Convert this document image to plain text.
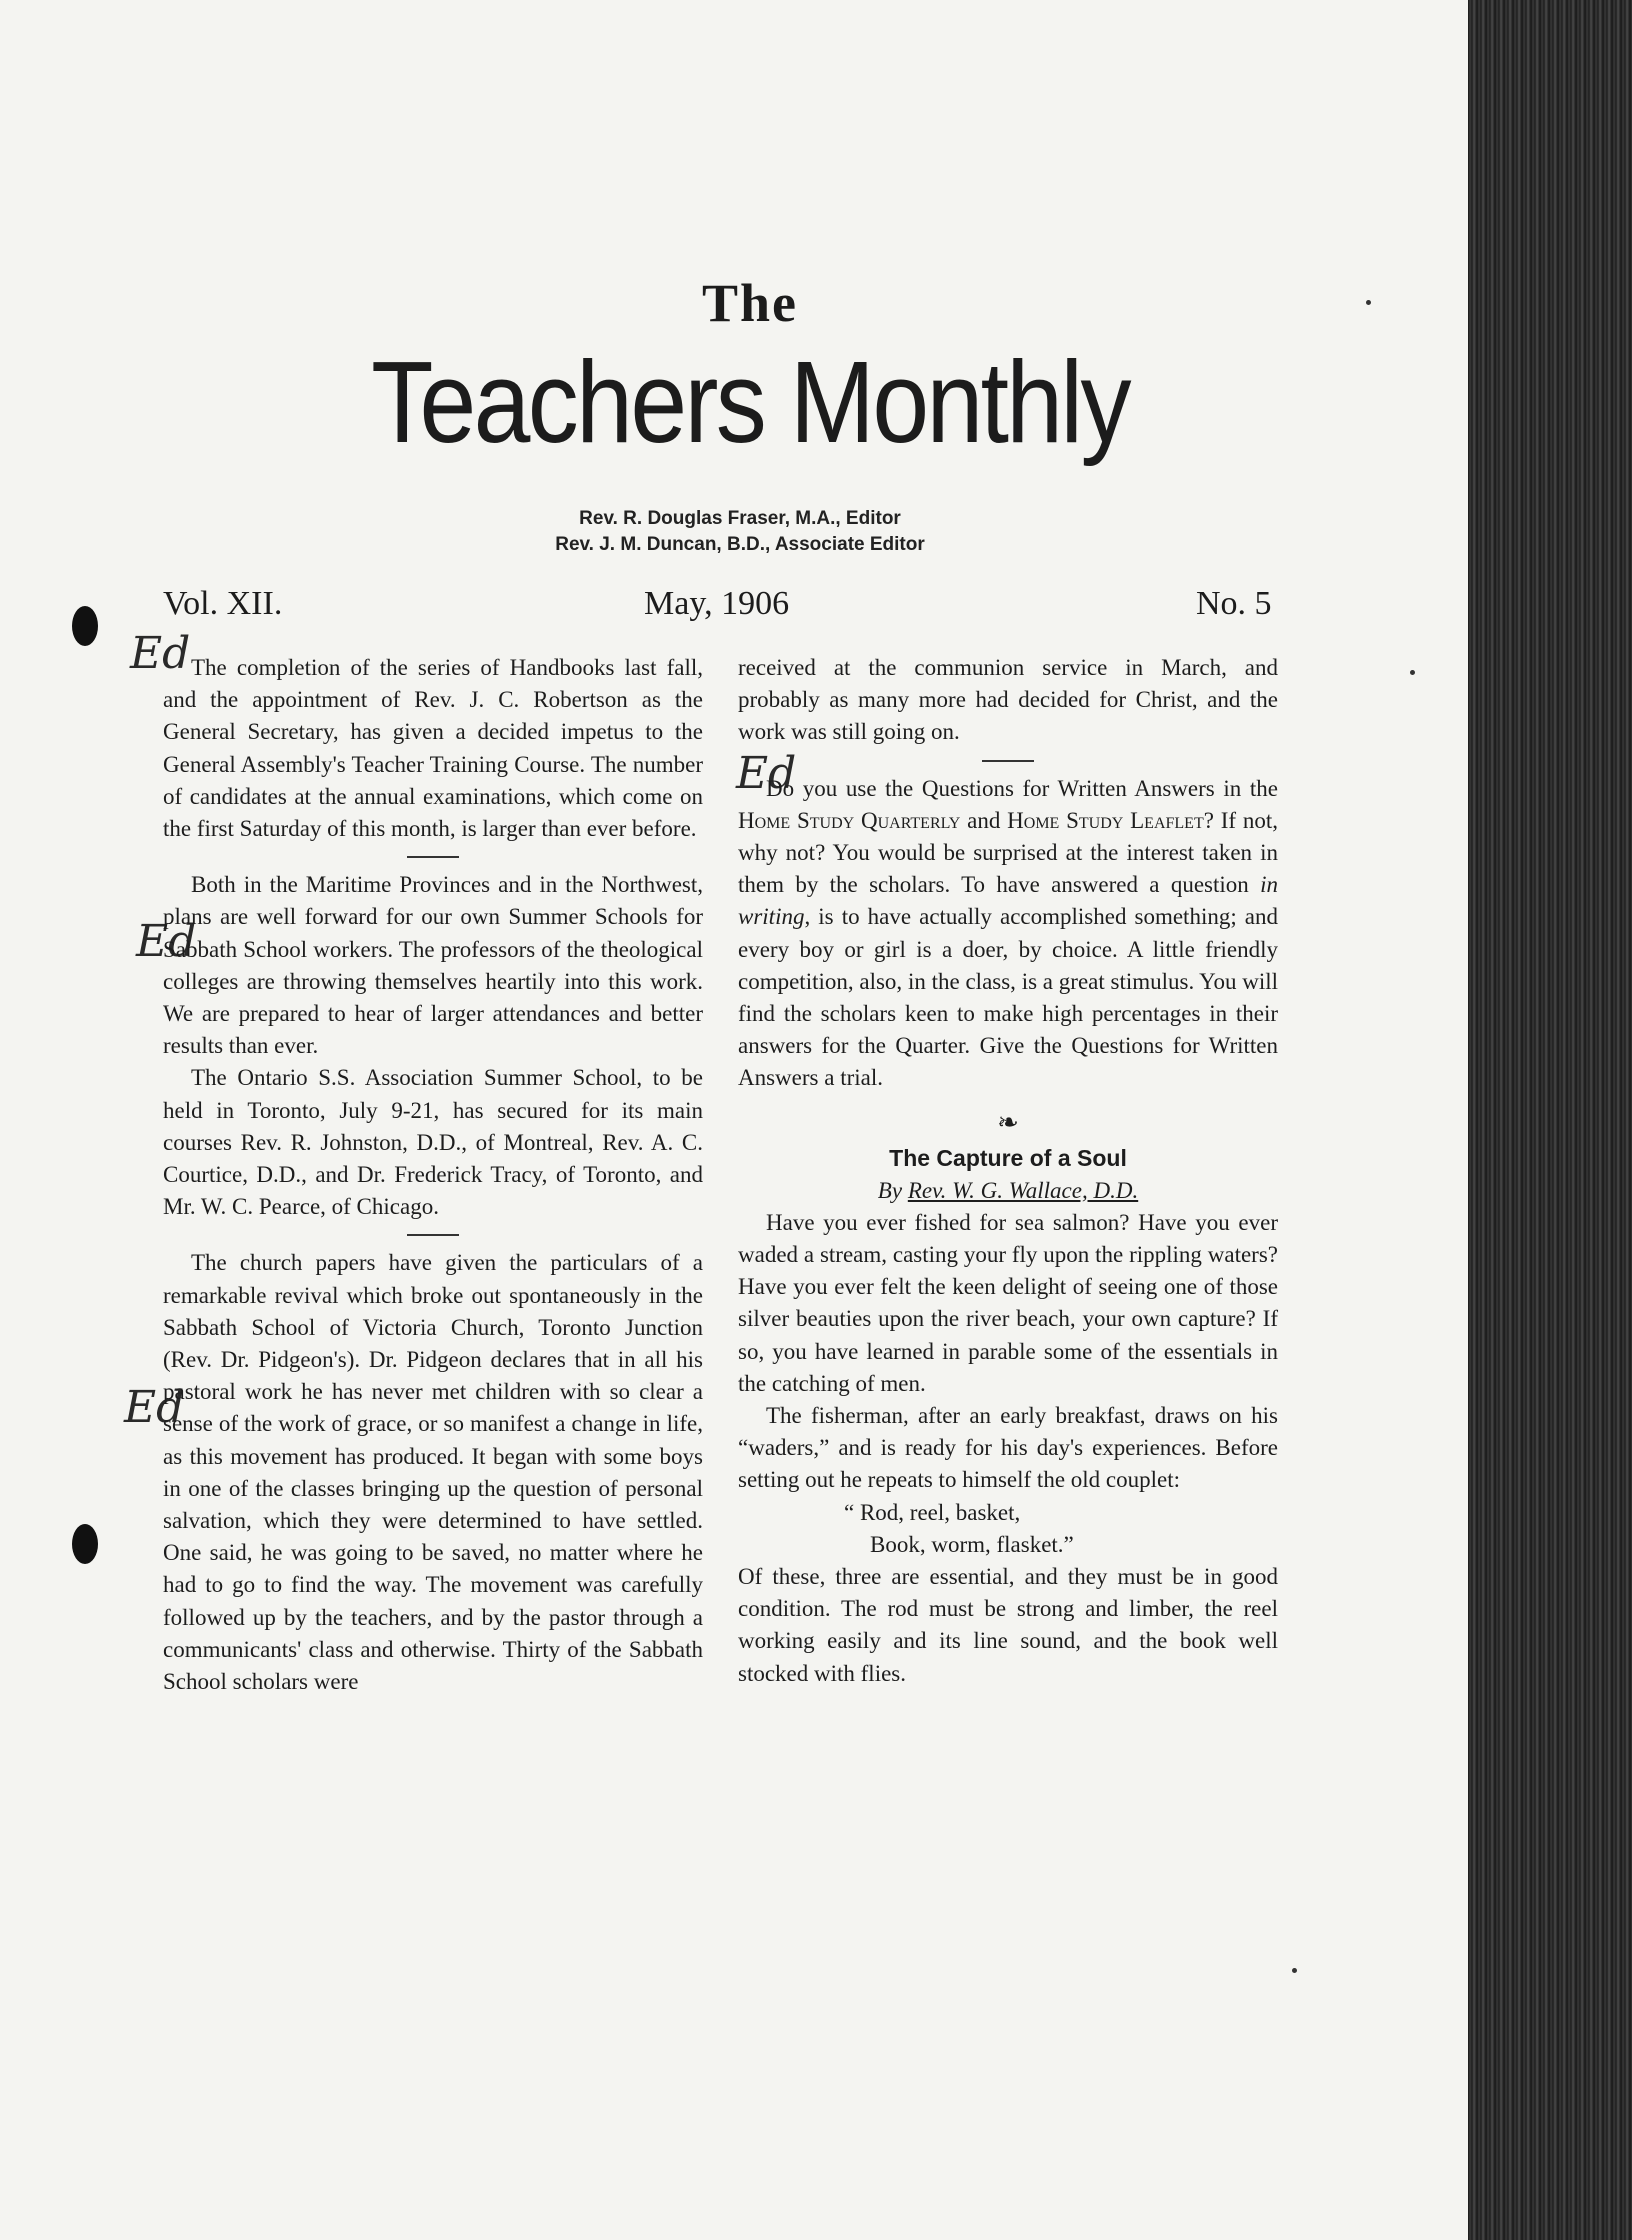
The
Teachers Monthly
Rev. R. Douglas Fraser, M.A., Editor
Rev. J. M. Duncan, B.D., Associate Editor
Vol. XII.	May, 1906	No. 5
Ed
Ed
Ed
Ed

The completion of the series of Handbooks last fall, and the appointment of Rev. J. C. Robertson as the General Secretary, has given a decided impetus to the General Assembly's Teacher Training Course. The number of candidates at the annual examinations, which come on the first Saturday of this month, is larger than ever before.

Both in the Maritime Provinces and in the Northwest, plans are well forward for our own Summer Schools for Sabbath School workers. The professors of the theological colleges are throwing themselves heartily into this work. We are prepared to hear of larger attendances and better results than ever.

The Ontario S.S. Association Summer School, to be held in Toronto, July 9-21, has secured for its main courses Rev. R. Johnston, D.D., of Montreal, Rev. A. C. Courtice, D.D., and Dr. Frederick Tracy, of Toronto, and Mr. W. C. Pearce, of Chicago.

The church papers have given the particulars of a remarkable revival which broke out spontaneously in the Sabbath School of Victoria Church, Toronto Junction (Rev. Dr. Pidgeon's). Dr. Pidgeon declares that in all his pastoral work he has never met children with so clear a sense of the work of grace, or so manifest a change in life, as this movement has produced. It began with some boys in one of the classes bringing up the question of personal salvation, which they were determined to have settled. One said, he was going to be saved, no matter where he had to go to find the way. The movement was carefully followed up by the teachers, and by the pastor through a communicants' class and otherwise. Thirty of the Sabbath School scholars were

received at the communion service in March, and probably as many more had decided for Christ, and the work was still going on.

Do you use the Questions for Written Answers in the Home Study Quarterly and Home Study Leaflet? If not, why not? You would be surprised at the interest taken in them by the scholars. To have answered a question in writing, is to have actually accomplished something; and every boy or girl is a doer, by choice. A little friendly competition, also, in the class, is a great stimulus. You will find the scholars keen to make high percentages in their answers for the Quarter. Give the Questions for Written Answers a trial.

❧

The Capture of a Soul

By Rev. W. G. Wallace, D.D.

Have you ever fished for sea salmon? Have you ever waded a stream, casting your fly upon the rippling waters? Have you ever felt the keen delight of seeing one of those silver beauties upon the river beach, your own capture? If so, you have learned in parable some of the essentials in the catching of men.

The fisherman, after an early breakfast, draws on his “waders,” and is ready for his day's experiences. Before setting out he repeats to himself the old couplet:

“ Rod, reel, basket,

Book, worm, flasket.”

Of these, three are essential, and they must be in good condition. The rod must be strong and limber, the reel working easily and its line sound, and the book well stocked with flies.
